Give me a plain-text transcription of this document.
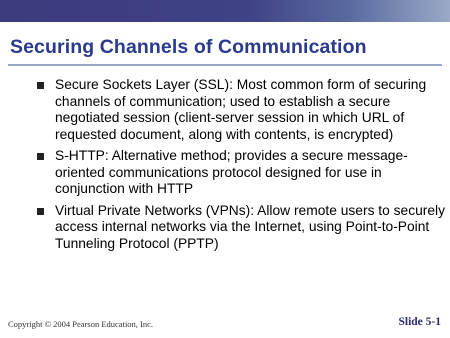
Securing Channels of Communication
Secure Sockets Layer (SSL): Most common form of securing channels of communication; used to establish a secure negotiated session (client-server session in which URL of requested document, along with contents, is encrypted)
S-HTTP: Alternative method; provides a secure message-oriented communications protocol designed for use in conjunction with HTTP
Virtual Private Networks (VPNs): Allow remote users to securely access internal networks via the Internet, using Point-to-Point Tunneling Protocol (PPTP)
Copyright © 2004 Pearson Education, Inc.	Slide 5-1
